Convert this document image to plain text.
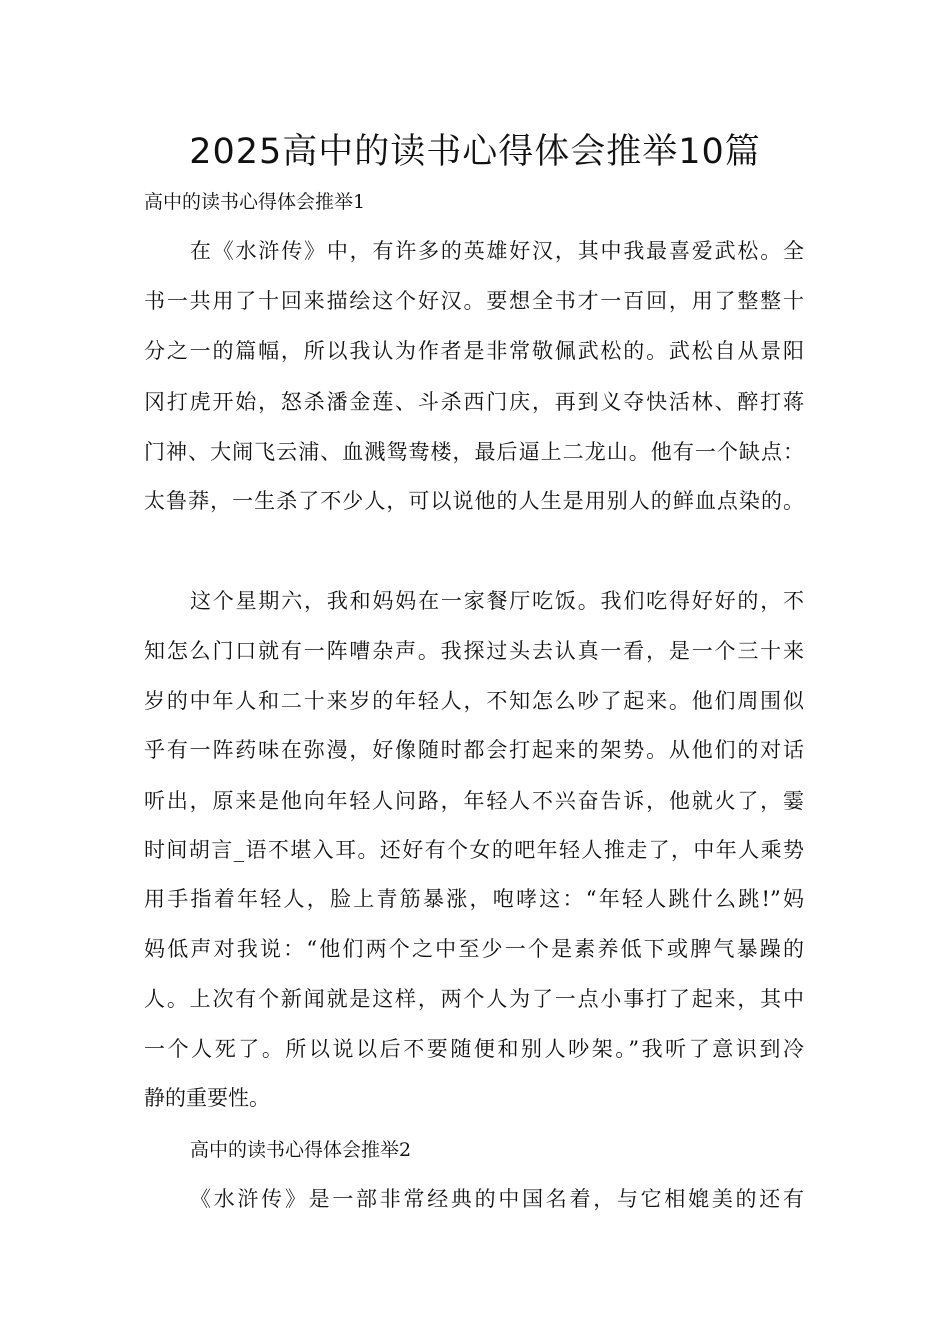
2025高中的读书心得体会推举10篇

高中的读书心得体会推举1

在《水浒传》中，有许多的英雄好汉，其中我最喜爱武松。全

书一共用了十回来描绘这个好汉。要想全书才一百回，用了整整十

分之一的篇幅，所以我认为作者是非常敬佩武松的。武松自从景阳

冈打虎开始，怒杀潘金莲、斗杀西门庆，再到义夺快活林、醉打蒋

门神、大闹飞云浦、血溅鸳鸯楼，最后逼上二龙山。他有一个缺点：

太鲁莽，一生杀了不少人，可以说他的人生是用别人的鲜血点染的。

这个星期六，我和妈妈在一家餐厅吃饭。我们吃得好好的，不

知怎么门口就有一阵嘈杂声。我探过头去认真一看，是一个三十来

岁的中年人和二十来岁的年轻人，不知怎么吵了起来。他们周围似

乎有一阵药味在弥漫，好像随时都会打起来的架势。从他们的对话

听出，原来是他向年轻人问路，年轻人不兴奋告诉，他就火了，霎

时间胡言_语不堪入耳。还好有个女的吧年轻人推走了，中年人乘势

用手指着年轻人，脸上青筋暴涨，咆哮这：“年轻人跳什么跳!”妈

妈低声对我说：“他们两个之中至少一个是素养低下或脾气暴躁的

人。上次有个新闻就是这样，两个人为了一点小事打了起来，其中

一个人死了。所以说以后不要随便和别人吵架。”我听了意识到冷

静的重要性。

高中的读书心得体会推举2

《水浒传》是一部非常经典的中国名着，与它相媲美的还有
